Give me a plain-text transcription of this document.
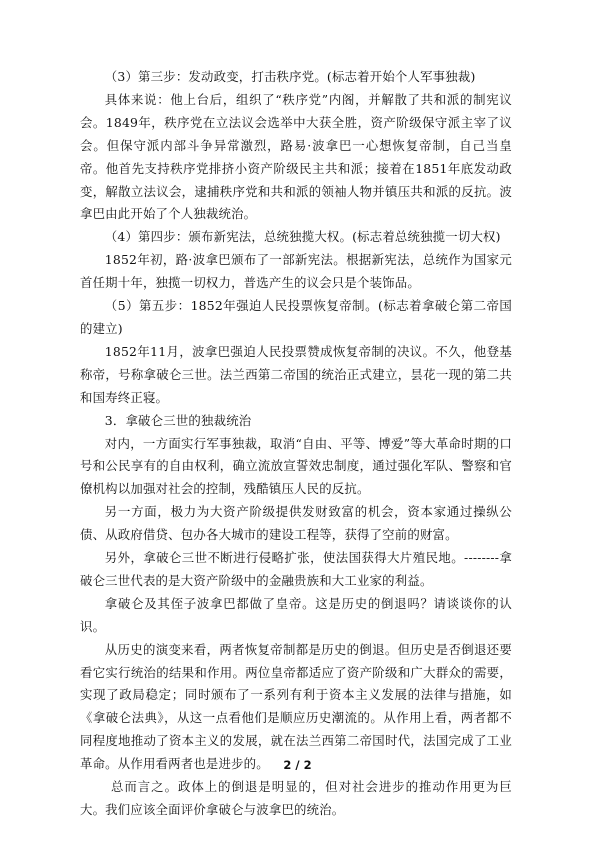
（3）第三步：发动政变，打击秩序党。(标志着开始个人军事独裁)

具体来说：他上台后，组织了“秩序党”内阁，并解散了共和派的制宪议会。1849年，秩序党在立法议会选举中大获全胜，资产阶级保守派主宰了议会。但保守派内部斗争异常激烈，路易·波拿巴一心想恢复帝制，自己当皇帝。他首先支持秩序党排挤小资产阶级民主共和派；接着在1851年底发动政变，解散立法议会，逮捕秩序党和共和派的领袖人物并镇压共和派的反抗。波拿巴由此开始了个人独裁统治。

（4）第四步：颁布新宪法，总统独揽大权。(标志着总统独揽一切大权)

1852年初，路·波拿巴颁布了一部新宪法。根据新宪法，总统作为国家元首任期十年，独揽一切权力，普选产生的议会只是个装饰品。

（5）第五步：1852年强迫人民投票恢复帝制。(标志着拿破仑第二帝国的建立)

1852年11月，波拿巴强迫人民投票赞成恢复帝制的决议。不久，他登基称帝，号称拿破仑三世。法兰西第二帝国的统治正式建立，昙花一现的第二共和国寿终正寝。

3．拿破仑三世的独裁统治

对内，一方面实行军事独裁，取消“自由、平等、博爱”等大革命时期的口号和公民享有的自由权利，确立流放宣誓效忠制度，通过强化军队、警察和官僚机构以加强对社会的控制，残酷镇压人民的反抗。

另一方面，极力为大资产阶级提供发财致富的机会，资本家通过操纵公债、从政府借贷、包办各大城市的建设工程等，获得了空前的财富。

另外，拿破仑三世不断进行侵略扩张，使法国获得大片殖民地。--------拿破仑三世代表的是大资产阶级中的金融贵族和大工业家的利益。

拿破仑及其侄子波拿巴都做了皇帝。这是历史的倒退吗？请谈谈你的认识。

从历史的演变来看，两者恢复帝制都是历史的倒退。但历史是否倒退还要看它实行统治的结果和作用。两位皇帝都适应了资产阶级和广大群众的需要，实现了政局稳定；同时颁布了一系列有利于资本主义发展的法律与措施，如《拿破仑法典》，从这一点看他们是顺应历史潮流的。从作用上看，两者都不同程度地推动了资本主义的发展，就在法兰西第二帝国时代，法国完成了工业革命。从作用看两者也是进步的。

总而言之。政体上的倒退是明显的，但对社会进步的推动作用更为巨大。我们应该全面评价拿破仑与波拿巴的统治。

2 / 2
